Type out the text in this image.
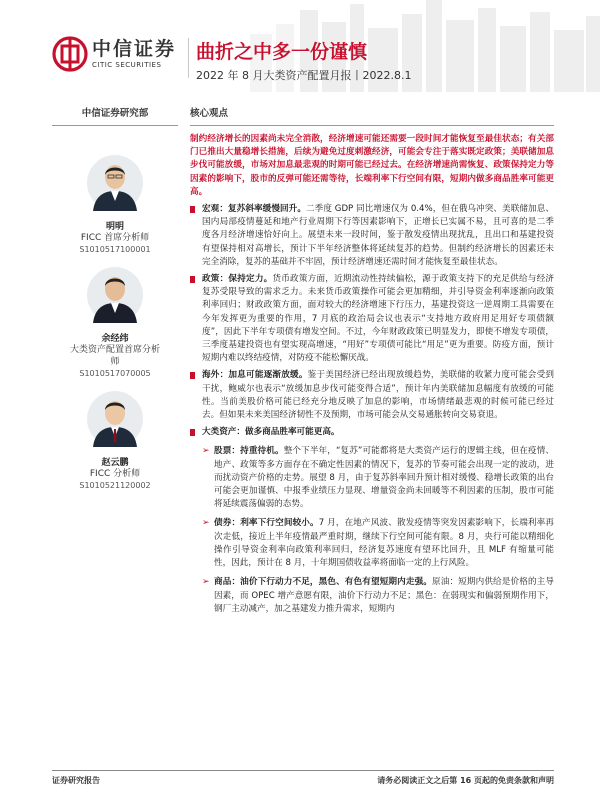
中信证券
CITIC SECURITIES
曲折之中多一份谨慎
2022 年 8 月大类资产配置月报丨2022.8.1
中信证券研究部
明明
FICC 首席分析师
S1010517100001
余经纬
大类资产配置首席分析师
S1010517070005
赵云鹏
FICC 分析师
S1010521120002
核心观点
制约经济增长的因素尚未完全消散，经济增速可能还需要一段时间才能恢复至最佳状态；有关部门已推出大量稳增长措施，后续为避免过度刺激经济，可能会专注于落实既定政策；美联储加息步伐可能放缓，市场对加息最悲观的时期可能已经过去。在经济增速尚需恢复、政策保持定力等因素的影响下，股市的反弹可能还需等待，长端利率下行空间有限，短期内做多商品胜率可能更高。
宏观：复苏斜率缓慢回升。二季度 GDP 同比增速仅为 0.4%，但在俄乌冲突、美联储加息、国内局部疫情蔓延和地产行业周期下行等因素影响下，正增长已实属不易，且可喜的是二季度各月经济增速恰好向上。展望未来一段时间，鉴于散发疫情出现扰乱，且出口和基建投资有望保持相对高增长，预计下半年经济整体将延续复苏的趋势。但制约经济增长的因素还未完全消除，复苏的基础并不牢固，预计经济增速还需时间才能恢复至最佳状态。
政策：保持定力。货币政策方面，近期流动性持续偏松，源于政策支持下的充足供给与经济复苏受限导致的需求乏力。未来货币政策操作可能会更加精细，并引导资金利率逐渐向政策利率回归；财政政策方面，面对较大的经济增速下行压力，基建投资这一逆周期工具需要在今年发挥更为重要的作用，7 月底的政治局会议也表示“支持地方政府用足用好专项债额度”，因此下半年专项债有增发空间。不过，今年财政政策已明显发力，即使不增发专项债，三季度基建投资也有望实现高增速，“用好”专项债可能比“用足”更为重要。防疫方面，预计短期内难以终结疫情，对防疫不能松懈厌战。
海外：加息可能逐渐放缓。鉴于美国经济已经出现放缓趋势，美联储的收紧力度可能会受到干扰，鲍威尔也表示“放缓加息步伐可能变得合适”，预计年内美联储加息幅度有放缓的可能性。当前美股价格可能已经充分地反映了加息的影响，市场情绪最悲观的时候可能已经过去。但如果未来美国经济韧性不及预期，市场可能会从交易通胀转向交易衰退。
大类资产：做多商品胜率可能更高。
➢ 股票：持重待机。整个下半年，“复苏”可能都将是大类资产运行的逻辑主线，但在疫情、地产、政策等多方面存在不确定性因素的情况下，复苏的节奏可能会出现一定的波动，进而扰动资产价格的走势。展望 8 月，由于复苏斜率回升预计相对缓慢、稳增长政策的出台可能会更加谨慎、中报季业绩压力显现、增量资金尚未回暖等不利因素的压制，股市可能将延续震荡偏弱的态势。
➢ 债券：利率下行空间较小。7 月，在地产风波、散发疫情等突发因素影响下，长端利率再次走低，接近上半年疫情最严重时期，继续下行空间可能有限。8 月，央行可能以精细化操作引导资金利率向政策利率回归，经济复苏速度有望环比回升，且 MLF 有缩量可能性，因此，预计在 8 月，十年期国债收益率将面临一定的上行风险。
➢ 商品：油价下行动力不足，黑色、有色有望短期内走强。原油：短期内供给是价格的主导因素，而 OPEC 增产意愿有限，油价下行动力不足；黑色：在弱现实和偏弱预期作用下，钢厂主动减产，加之基建发力推升需求，短期内
证券研究报告	请务必阅读正文之后第 16 页起的免责条款和声明
